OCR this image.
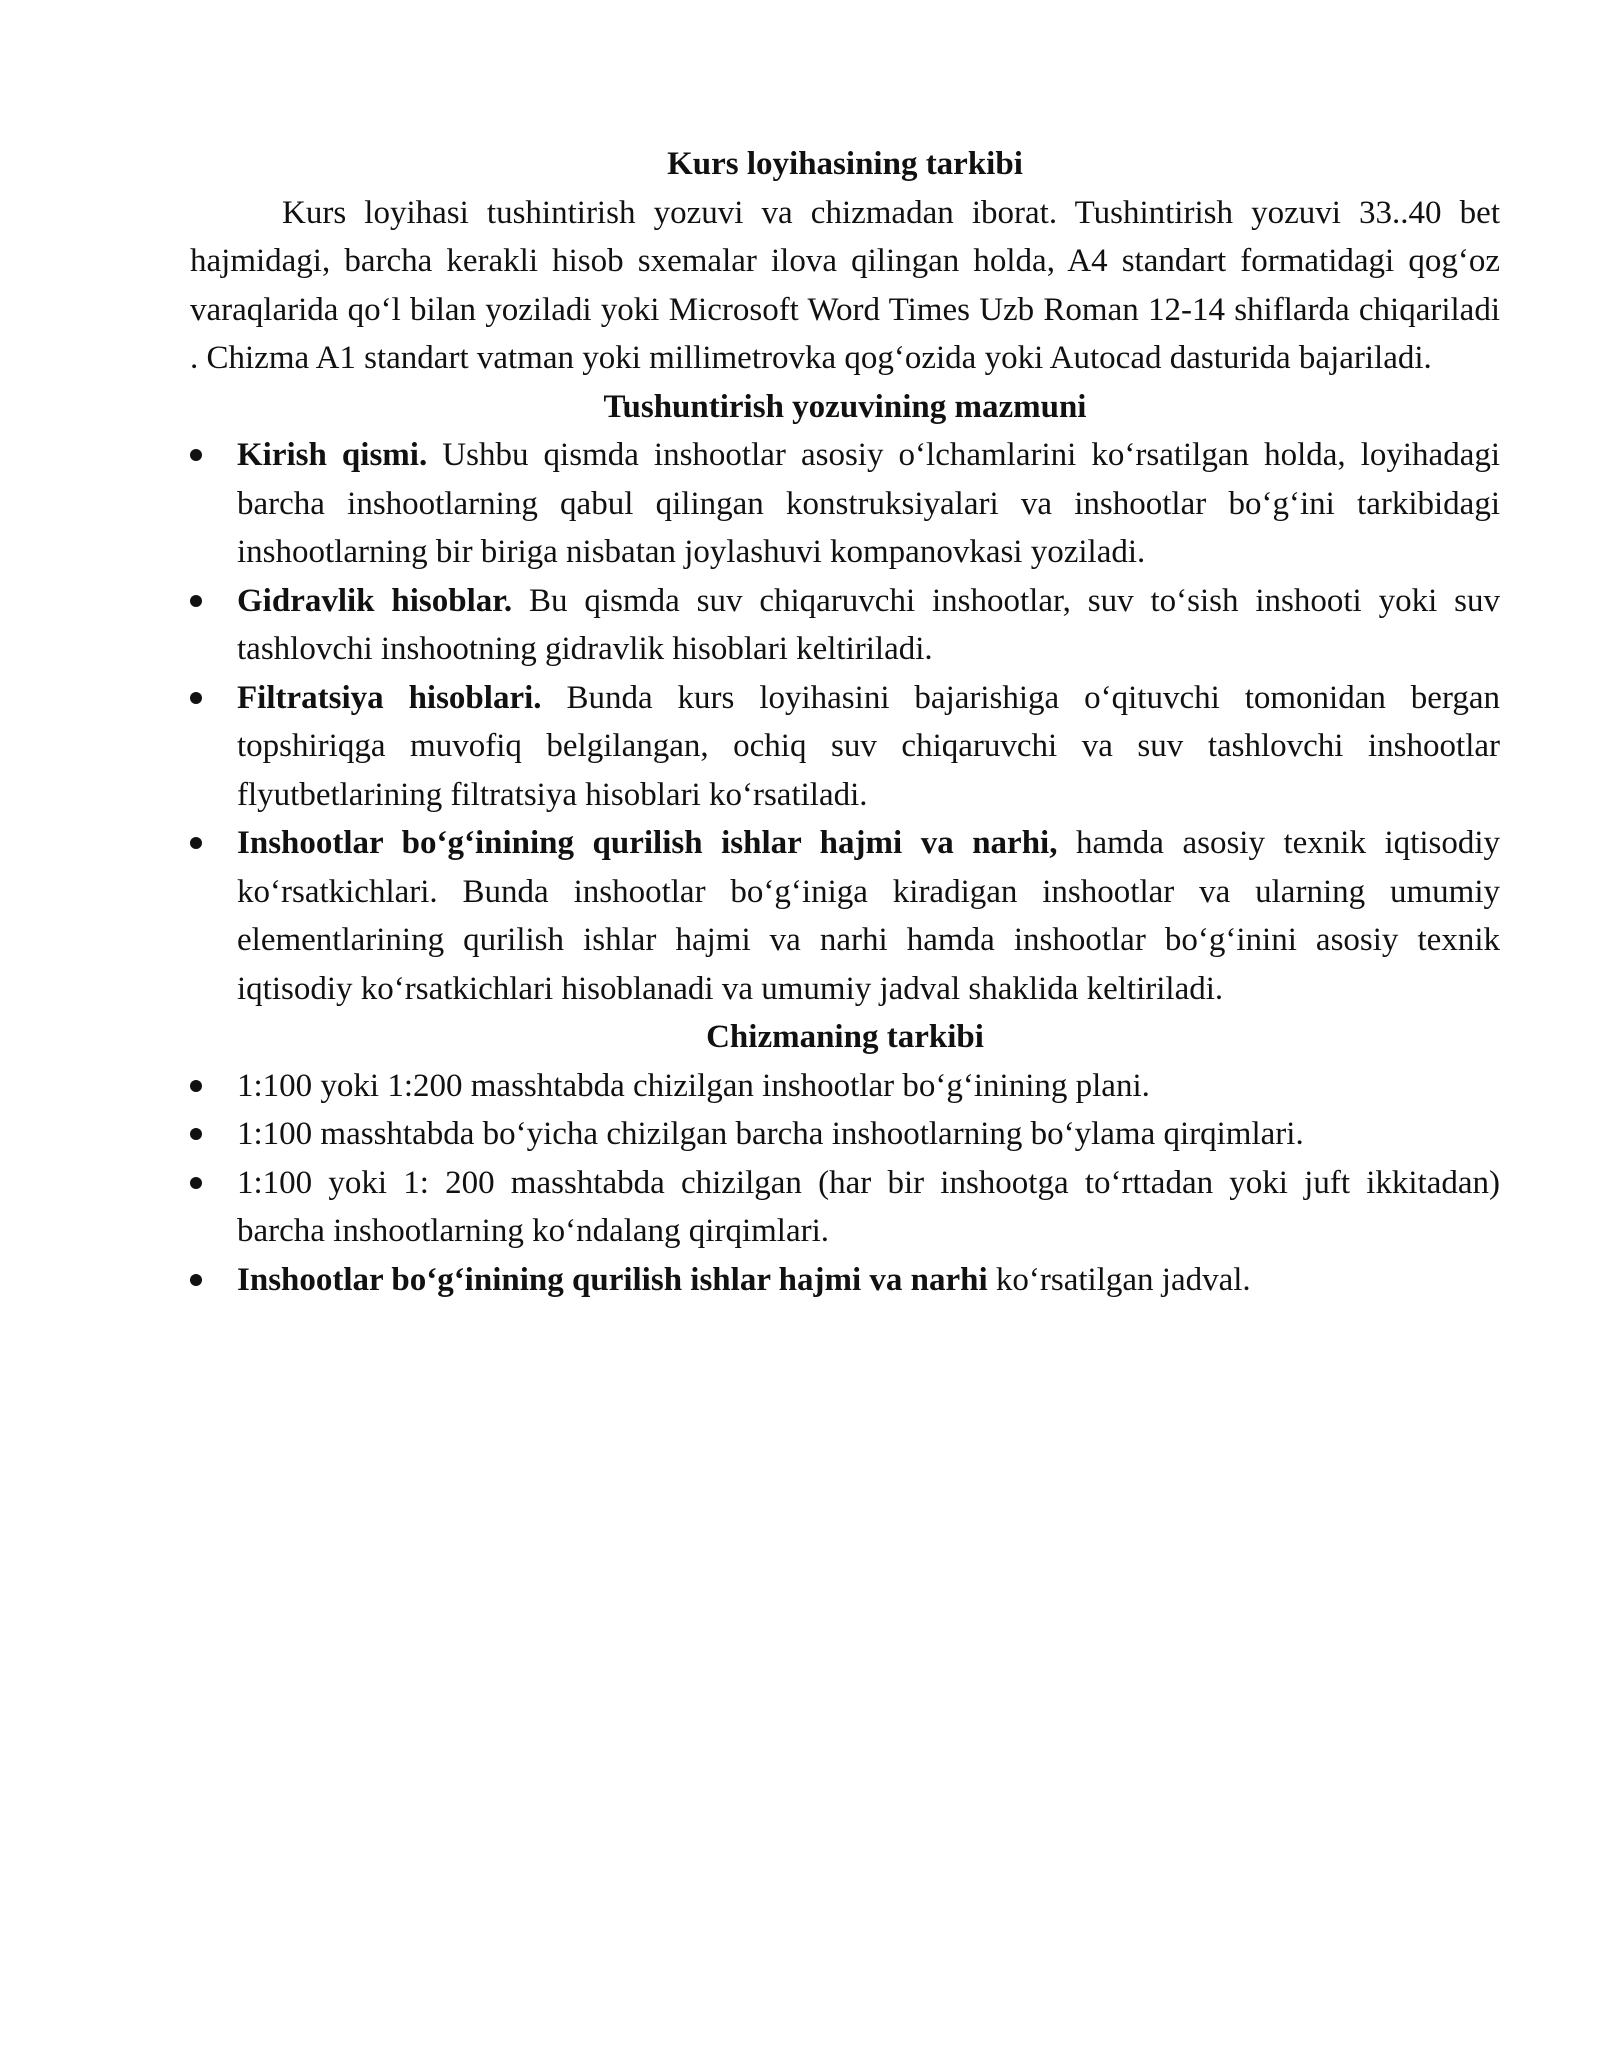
Kurs loyihasining tarkibi

Kurs loyihasi tushintirish yozuvi va chizmadan iborat. Tushintirish yozuvi 33..40 bet hajmidagi, barcha kerakli hisob sxemalar ilova qilingan holda, A4 standart formatidagi qog‘oz varaqlarida qo‘l bilan yoziladi yoki Microsoft Word Times Uzb Roman 12-14 shiflarda chiqariladi . Chizma A1 standart vatman yoki millimetrovka qog‘ozida yoki Autocad dasturida bajariladi.

Tushuntirish yozuvining mazmuni

Kirish qismi. Ushbu qismda inshootlar asosiy o‘lchamlarini ko‘rsatilgan holda, loyihadagi barcha inshootlarning qabul qilingan konstruksiyalari va inshootlar bo‘g‘ini tarkibidagi inshootlarning bir biriga nisbatan joylashuvi kompanovkasi yoziladi.
Gidravlik hisoblar. Bu qismda suv chiqaruvchi inshootlar, suv to‘sish inshooti yoki suv tashlovchi inshootning gidravlik hisoblari keltiriladi.
Filtratsiya hisoblari. Bunda kurs loyihasini bajarishiga o‘qituvchi tomonidan bergan topshiriqga muvofiq belgilangan, ochiq suv chiqaruvchi va suv tashlovchi inshootlar flyutbetlarining filtratsiya hisoblari ko‘rsatiladi.
Inshootlar bo‘g‘inining qurilish ishlar hajmi va narhi, hamda asosiy texnik iqtisodiy ko‘rsatkichlari. Bunda inshootlar bo‘g‘iniga kiradigan inshootlar va ularning umumiy elementlarining qurilish ishlar hajmi va narhi hamda inshootlar bo‘g‘inini asosiy texnik iqtisodiy ko‘rsatkichlari hisoblanadi va umumiy jadval shaklida keltiriladi.

Chizmaning tarkibi

1:100 yoki 1:200 masshtabda chizilgan inshootlar bo‘g‘inining plani.
1:100 masshtabda bo‘yicha chizilgan barcha inshootlarning bo‘ylama qirqimlari.
1:100 yoki 1: 200 masshtabda chizilgan (har bir inshootga to‘rttadan yoki juft ikkitadan) barcha inshootlarning ko‘ndalang qirqimlari.
Inshootlar bo‘g‘inining qurilish ishlar hajmi va narhi ko‘rsatilgan jadval.
